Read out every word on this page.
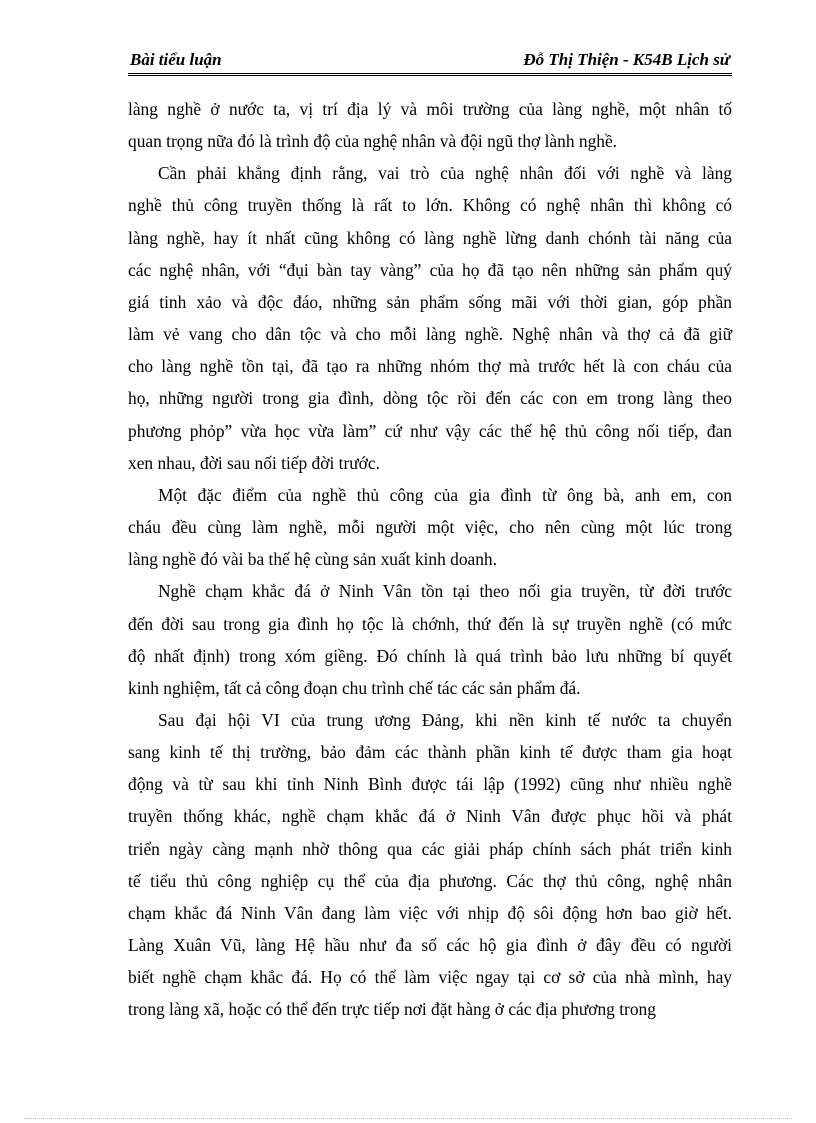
Bài tiểu luận	Đỗ Thị Thiện - K54B Lịch sử

làng nghề ở nước ta, vị trí địa lý và môi trường của làng nghề, một nhân tố

quan trọng nữa đó là trình độ của nghệ nhân và đội ngũ thợ lành nghề.

Cần phải khẳng định rằng, vai trò của nghệ nhân đối với nghề và làng

nghề thủ công truyền thống là rất to lớn. Không có nghệ nhân thì không có

làng nghề, hay ít nhất cũng không có làng nghề lừng danh chónh tài năng của

các nghệ nhân, với “đụi bàn tay vàng” của họ đã tạo nên những sản phẩm quý

giá tinh xảo và độc đáo, những sản phẩm sống mãi với thời gian, góp phần

làm vẻ vang cho dân tộc và cho mỗi làng nghề. Nghệ nhân và thợ cả đã giữ

cho làng nghề tồn tại, đã tạo ra những nhóm thợ mà trước hết là con cháu của

họ, những người trong gia đình, dòng tộc rồi đến các con em trong làng theo

phương phỏp” vừa học vừa làm” cứ như vậy các thế hệ thủ công nối tiếp, đan

xen nhau, đời sau nối tiếp đời trước.

Một đặc điểm của nghề thủ công của gia đình từ ông bà, anh em, con

cháu đều cùng làm nghề, mỗi người một việc, cho nên cùng một lúc trong

làng nghề đó vài ba thế hệ cùng sản xuất kinh doanh.

Nghề chạm khắc đá ở Ninh Vân tồn tại theo nối gia truyền, từ đời trước

đến đời sau trong gia đình họ tộc là chớnh, thứ đến là sự truyền nghề (có mức

độ nhất định) trong xóm giềng. Đó chính là quá trình bảo lưu những bí quyết

kinh nghiệm, tất cả công đoạn chu trình chế tác các sản phẩm đá.

Sau đại hội VI của trung ương Đảng, khi nền kinh tế nước ta chuyển

sang kinh tế thị trường, bảo đảm các thành phần kinh tế được tham gia hoạt

động và từ sau khi tỉnh Ninh Bình được tái lập (1992) cũng như nhiều nghề

truyền thống khác, nghề chạm khắc đá ở Ninh Vân được phục hồi và phát

triển ngày càng mạnh nhờ thông qua các giải pháp chính sách phát triển kinh

tế tiểu thủ công nghiệp cụ thể của địa phương. Các thợ thủ công, nghệ nhân

chạm khắc đá Ninh Vân đang làm việc với nhịp độ sôi động hơn bao giờ hết.

Làng Xuân Vũ, làng Hệ hầu như đa số các hộ gia đình ở đây đều có người

biết nghề chạm khắc đá. Họ có thể làm việc ngay tại cơ sở của nhà mình, hay

trong làng xã, hoặc có thể đến trực tiếp nơi đặt hàng ở các địa phương trong
